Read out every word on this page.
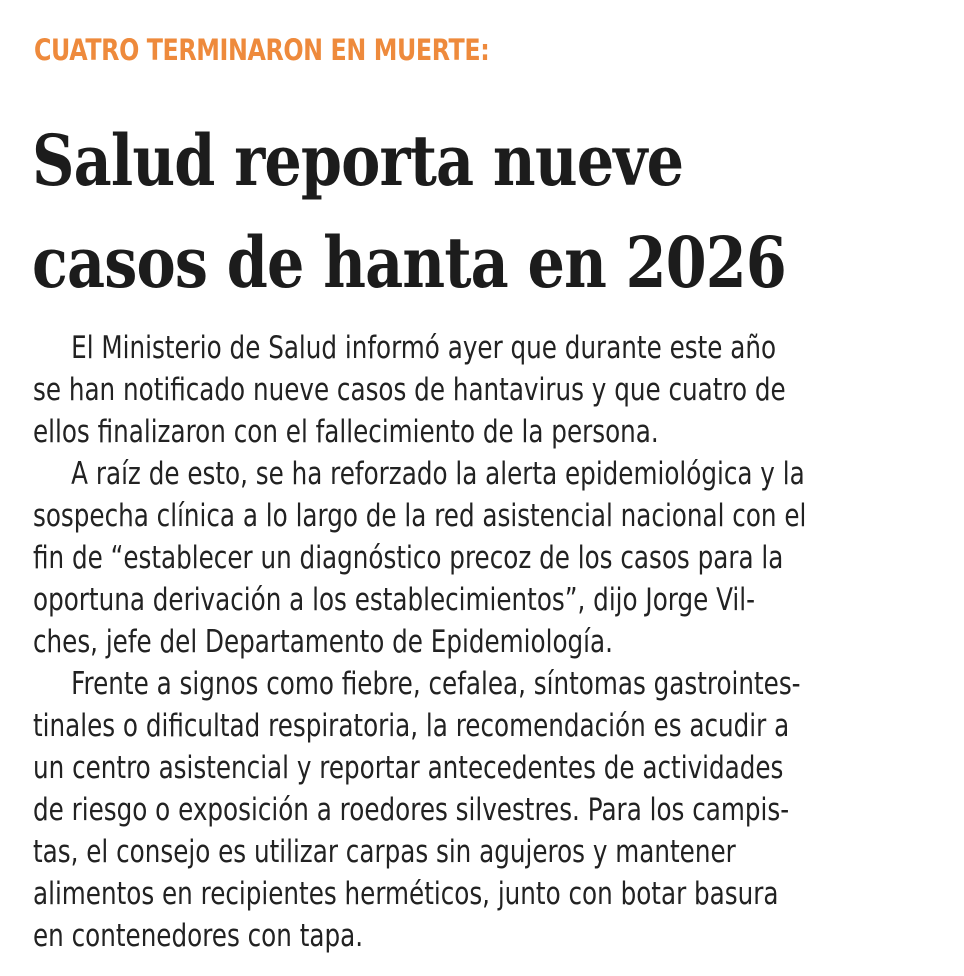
CUATRO TERMINARON EN MUERTE:

Salud reporta nueve
casos de hanta en 2026
El Ministerio de Salud informó ayer que durante este año
se han notificado nueve casos de hantavirus y que cuatro de
ellos finalizaron con el fallecimiento de la persona.
A raíz de esto, se ha reforzado la alerta epidemiológica y la
sospecha clínica a lo largo de la red asistencial nacional con el
fin de “establecer un diagnóstico precoz de los casos para la
oportuna derivación a los establecimientos”, dijo Jorge Vil-
ches, jefe del Departamento de Epidemiología.
Frente a signos como fiebre, cefalea, síntomas gastrointes-
tinales o dificultad respiratoria, la recomendación es acudir a
un centro asistencial y reportar antecedentes de actividades
de riesgo o exposición a roedores silvestres. Para los campis-
tas, el consejo es utilizar carpas sin agujeros y mantener
alimentos en recipientes herméticos, junto con botar basura
en contenedores con tapa.
